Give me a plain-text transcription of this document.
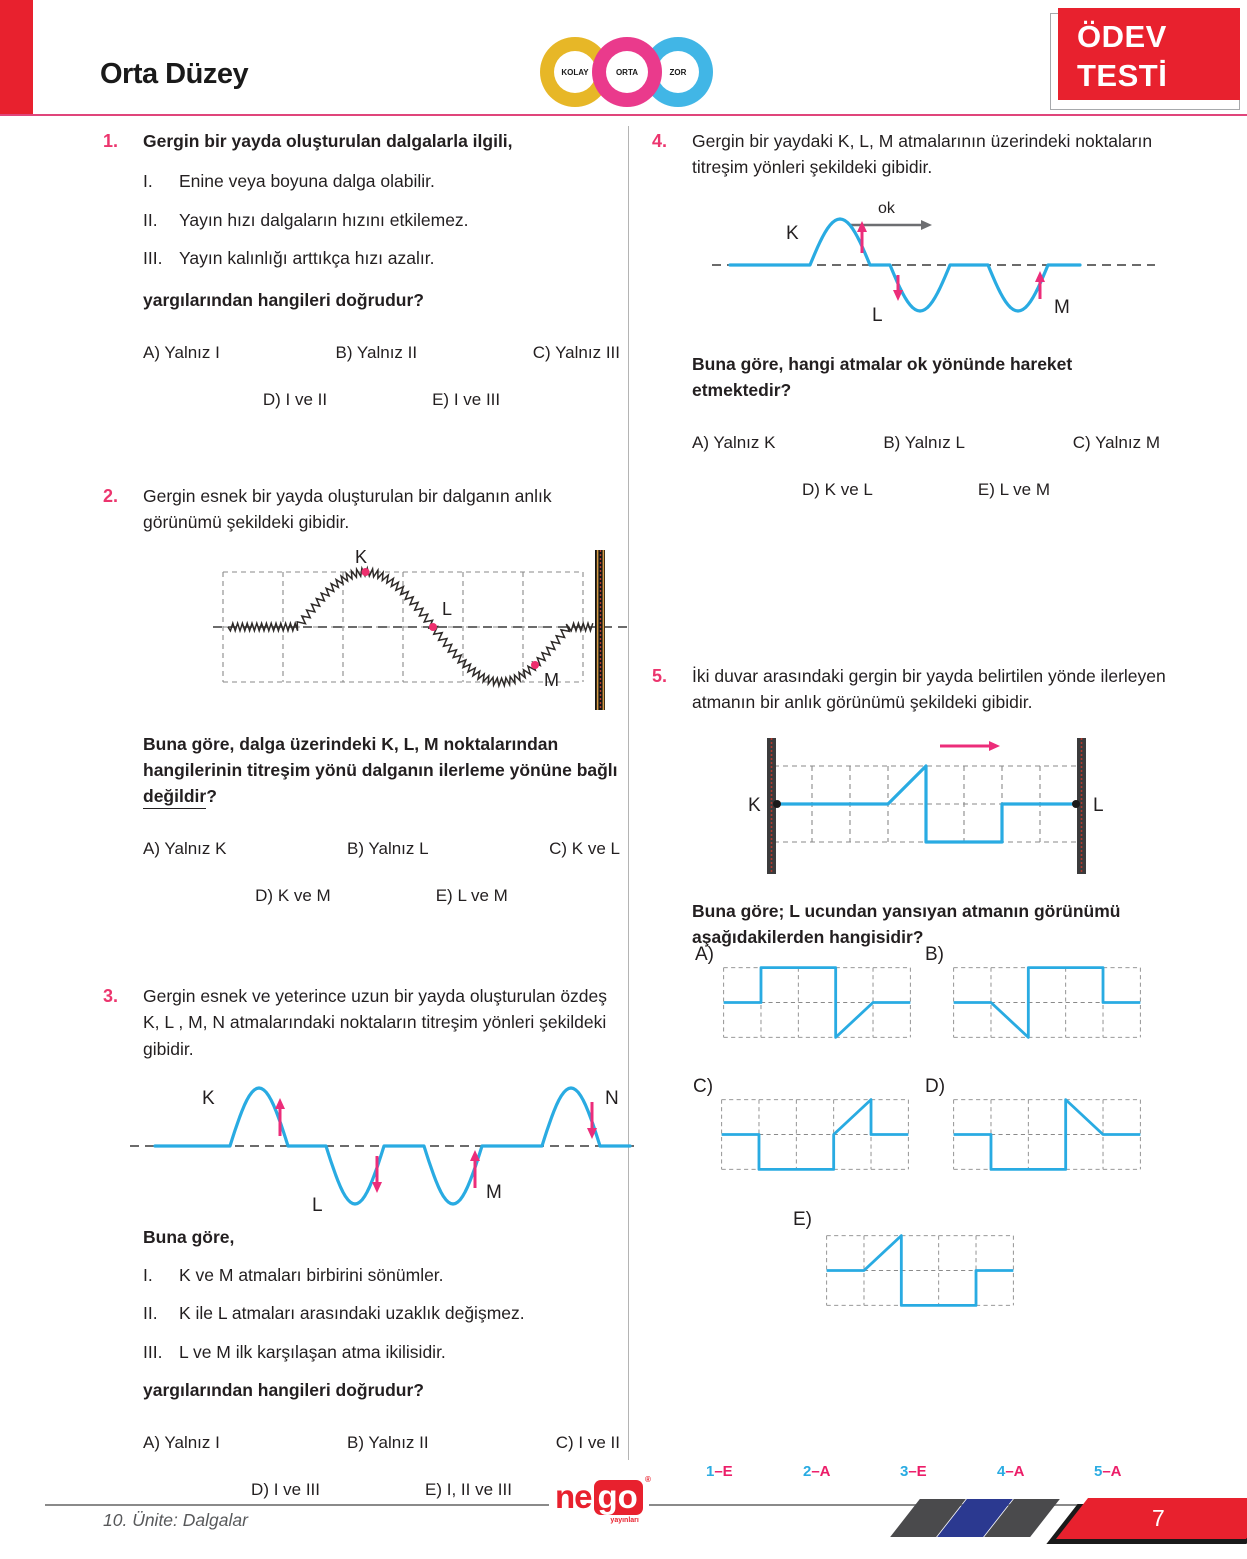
Orta Düzey	KOLAY	ZOR
ORTA
ÖDEV
TESTİ
1. Gergin bir yayda oluşturulan dalgalarla ilgili,

I.	Enine veya boyuna dalga olabilir.
II.	Yayın hızı dalgaların hızını etkilemez.
III. Yayın kalınlığı arttıkça hızı azalır.

yargılarından hangileri doğrudur?

A) Yalnız I	B) Yalnız II	C) Yalnız III
D) I ve II	E) I ve III
2. Gergin esnek bir yayda oluşturulan bir dalganın anlık görünümü şekildeki gibidir.

K
L
M

Buna göre, dalga üzerindeki K, L, M noktalarından hangilerinin titreşim yönü dalganın ilerleme yönüne bağlı değildir?

A) Yalnız K	B) Yalnız L	C) K ve L
D) K ve M	E) L ve M
3. Gergin esnek ve yeterince uzun bir yayda oluşturulan özdeş K, L , M, N atmalarındaki noktaların titreşim yönleri şekildeki gibidir.

K
L
M
N

Buna göre,

I.	K ve M atmaları birbirini sönümler.
II.	K ile L atmaları arasındaki uzaklık değişmez.
III. L ve M ilk karşılaşan atma ikilisidir.

yargılarından hangileri doğrudur?

A) Yalnız I	B) Yalnız II	C) I ve II
D) I ve III	E) I, II ve III
4. Gergin bir yaydaki K, L, M atmalarının üzerindeki noktaların titreşim yönleri şekildeki gibidir.

ok
K
L	M

Buna göre, hangi atmalar ok yönünde hareket etmektedir?

A) Yalnız K	B) Yalnız L	C) Yalnız M
D) K ve L	E) L ve M
5. İki duvar arasındaki gergin bir yayda belirtilen yönde ilerleyen atmanın bir anlık görünümü şekildeki gibidir.

K	L

Buna göre; L ucundan yansıyan atmanın görünümü aşağıdakilerden hangisidir?

A)	B)
C)	D)
E)
1–E	2–A	3–E	4–A	5–A
10. Ünite: Dalgalar
ne go ®
yayınları	7
